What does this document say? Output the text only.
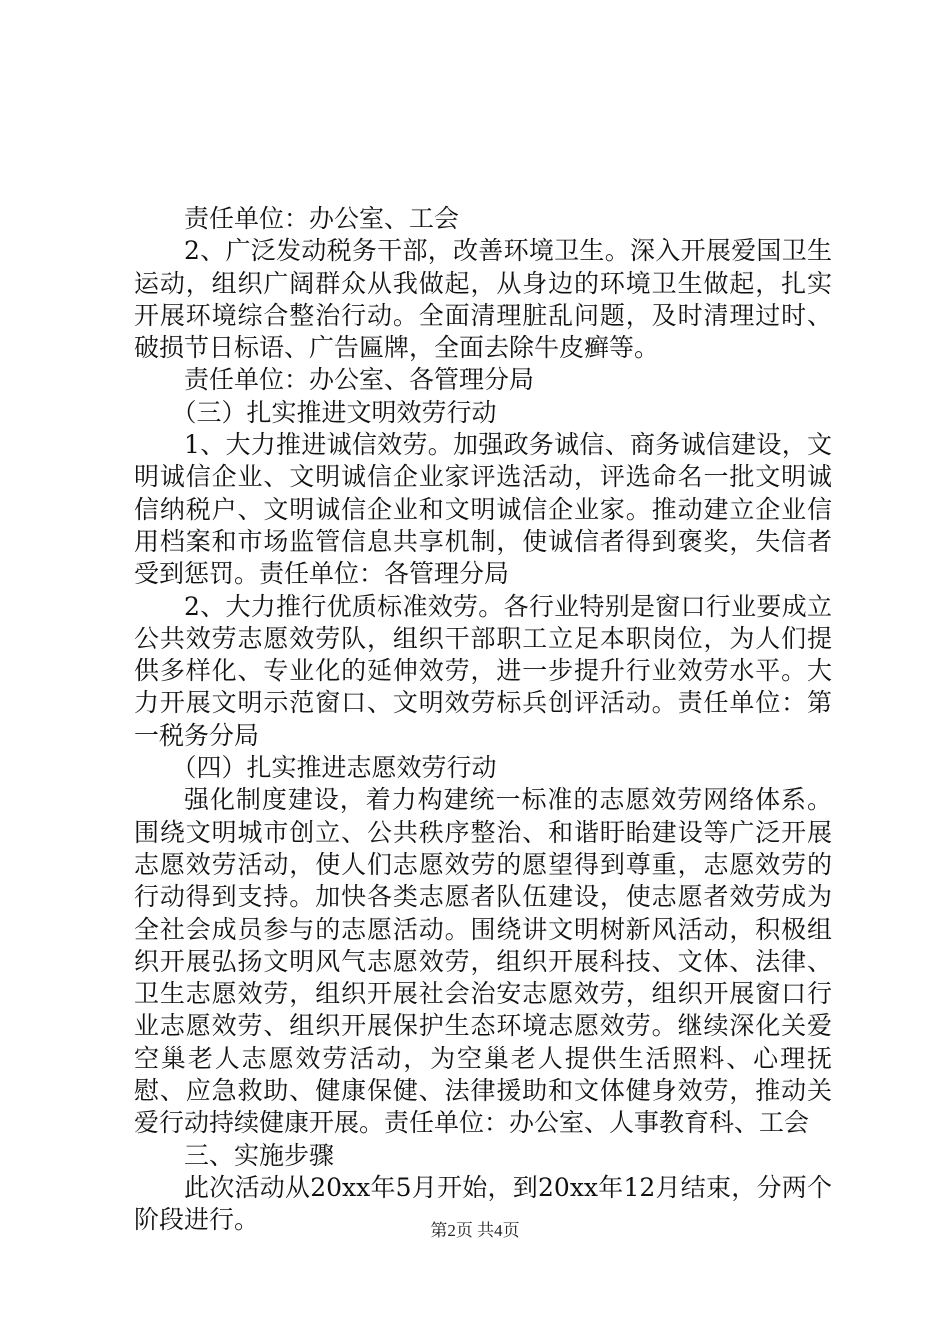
责任单位：办公室、工会

2、广泛发动税务干部，改善环境卫生。深入开展爱国卫生运动，组织广阔群众从我做起，从身边的环境卫生做起，扎实开展环境综合整治行动。全面清理脏乱问题，及时清理过时、破损节日标语、广告匾牌，全面去除牛皮癣等。

责任单位：办公室、各管理分局

（三）扎实推进文明效劳行动

1、大力推进诚信效劳。加强政务诚信、商务诚信建设，文明诚信企业、文明诚信企业家评选活动，评选命名一批文明诚信纳税户、文明诚信企业和文明诚信企业家。推动建立企业信用档案和市场监管信息共享机制，使诚信者得到褒奖，失信者受到惩罚。责任单位：各管理分局

2、大力推行优质标准效劳。各行业特别是窗口行业要成立公共效劳志愿效劳队，组织干部职工立足本职岗位，为人们提供多样化、专业化的延伸效劳，进一步提升行业效劳水平。大力开展文明示范窗口、文明效劳标兵创评活动。责任单位：第一税务分局

（四）扎实推进志愿效劳行动

强化制度建设，着力构建统一标准的志愿效劳网络体系。围绕文明城市创立、公共秩序整治、和谐盱眙建设等广泛开展志愿效劳活动，使人们志愿效劳的愿望得到尊重，志愿效劳的行动得到支持。加快各类志愿者队伍建设，使志愿者效劳成为全社会成员参与的志愿活动。围绕讲文明树新风活动，积极组织开展弘扬文明风气志愿效劳，组织开展科技、文体、法律、卫生志愿效劳，组织开展社会治安志愿效劳，组织开展窗口行业志愿效劳、组织开展保护生态环境志愿效劳。继续深化关爱空巢老人志愿效劳活动，为空巢老人提供生活照料、心理抚慰、应急救助、健康保健、法律援助和文体健身效劳，推动关爱行动持续健康开展。责任单位：办公室、人事教育科、工会

三、实施步骤

此次活动从20xx年5月开始，到20xx年12月结束，分两个阶段进行。	第2页 共4页
